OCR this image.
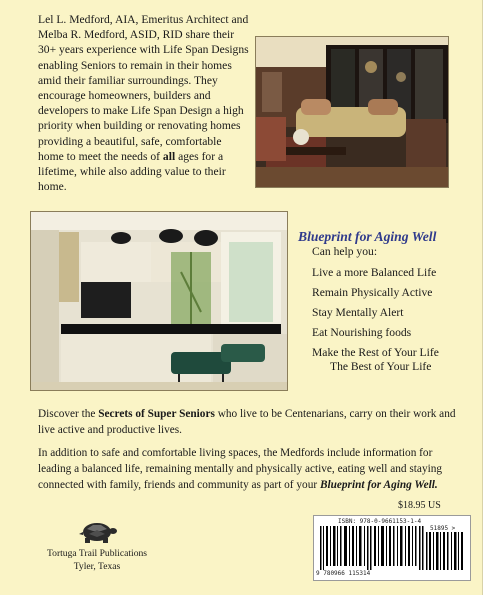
Lel L. Medford, AIA, Emeritus Architect and Melba R. Medford, ASID, RID share their 30+ years experience with Life Span Designs enabling Seniors to remain in their homes amid their familiar surroundings. They encourage homeowners, builders and developers to make Life Span Design a high priority when building or renovating homes providing a beautiful, safe, comfortable home to meet the needs of all ages for a lifetime, while also adding value to their home.
Blueprint for Aging Well
Can help you:
Live a more Balanced Life
Remain Physically Active
Stay Mentally Alert
Eat Nourishing foods
Make the Rest of Your Life
The Best of Your Life
Discover the Secrets of Super Seniors who live to be Centenarians, carry on their work and live active and productive lives.
In addition to safe and comfortable living spaces, the Medfords include information for leading a balanced life, remaining mentally and physically active, eating well and staying connected with family, friends and community as part of your Blueprint for Aging Well.
$18.95 US
ISBN: 978-0-9661153-1-4
51895 >
9 780966 115314
Tortuga Trail Publications
Tyler, Texas
